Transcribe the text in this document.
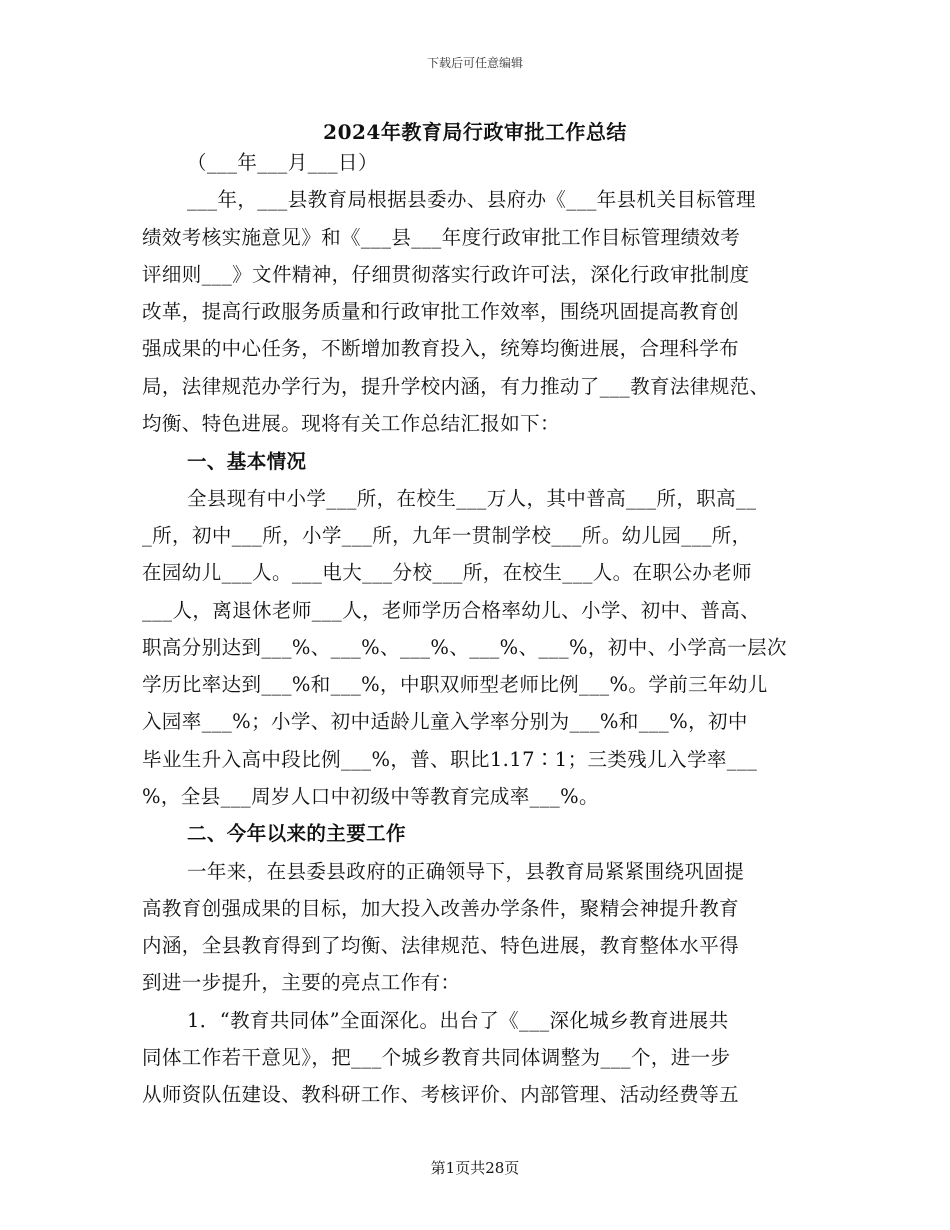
下载后可任意编辑
2024年教育局行政审批工作总结
（___年___月___日）
___年，___县教育局根据县委办、县府办《___年县机关目标管理
绩效考核实施意见》和《___县___年度行政审批工作目标管理绩效考
评细则___》文件精神，仔细贯彻落实行政许可法，深化行政审批制度
改革，提高行政服务质量和行政审批工作效率，围绕巩固提高教育创
强成果的中心任务，不断增加教育投入，统筹均衡进展，合理科学布
局，法律规范办学行为，提升学校内涵，有力推动了___教育法律规范、
均衡、特色进展。现将有关工作总结汇报如下：
一、基本情况
全县现有中小学___所，在校生___万人，其中普高___所，职高__
_所，初中___所，小学___所，九年一贯制学校___所。幼儿园___所，
在园幼儿___人。___电大___分校___所，在校生___人。在职公办老师
___人，离退休老师___人，老师学历合格率幼儿、小学、初中、普高、
职高分别达到___%、___%、___%、___%、___%，初中、小学高一层次
学历比率达到___%和___%，中职双师型老师比例___%。学前三年幼儿
入园率___%；小学、初中适龄儿童入学率分别为___%和___%，初中
毕业生升入高中段比例___%，普、职比1.17∶1；三类残儿入学率___
%，全县___周岁人口中初级中等教育完成率___%。
二、今年以来的主要工作
一年来，在县委县政府的正确领导下，县教育局紧紧围绕巩固提
高教育创强成果的目标，加大投入改善办学条件，聚精会神提升教育
内涵，全县教育得到了均衡、法律规范、特色进展，教育整体水平得
到进一步提升，主要的亮点工作有：
1．“教育共同体”全面深化。出台了《___深化城乡教育进展共
同体工作若干意见》，把___个城乡教育共同体调整为___个，进一步
从师资队伍建设、教科研工作、考核评价、内部管理、活动经费等五
第1页共28页
